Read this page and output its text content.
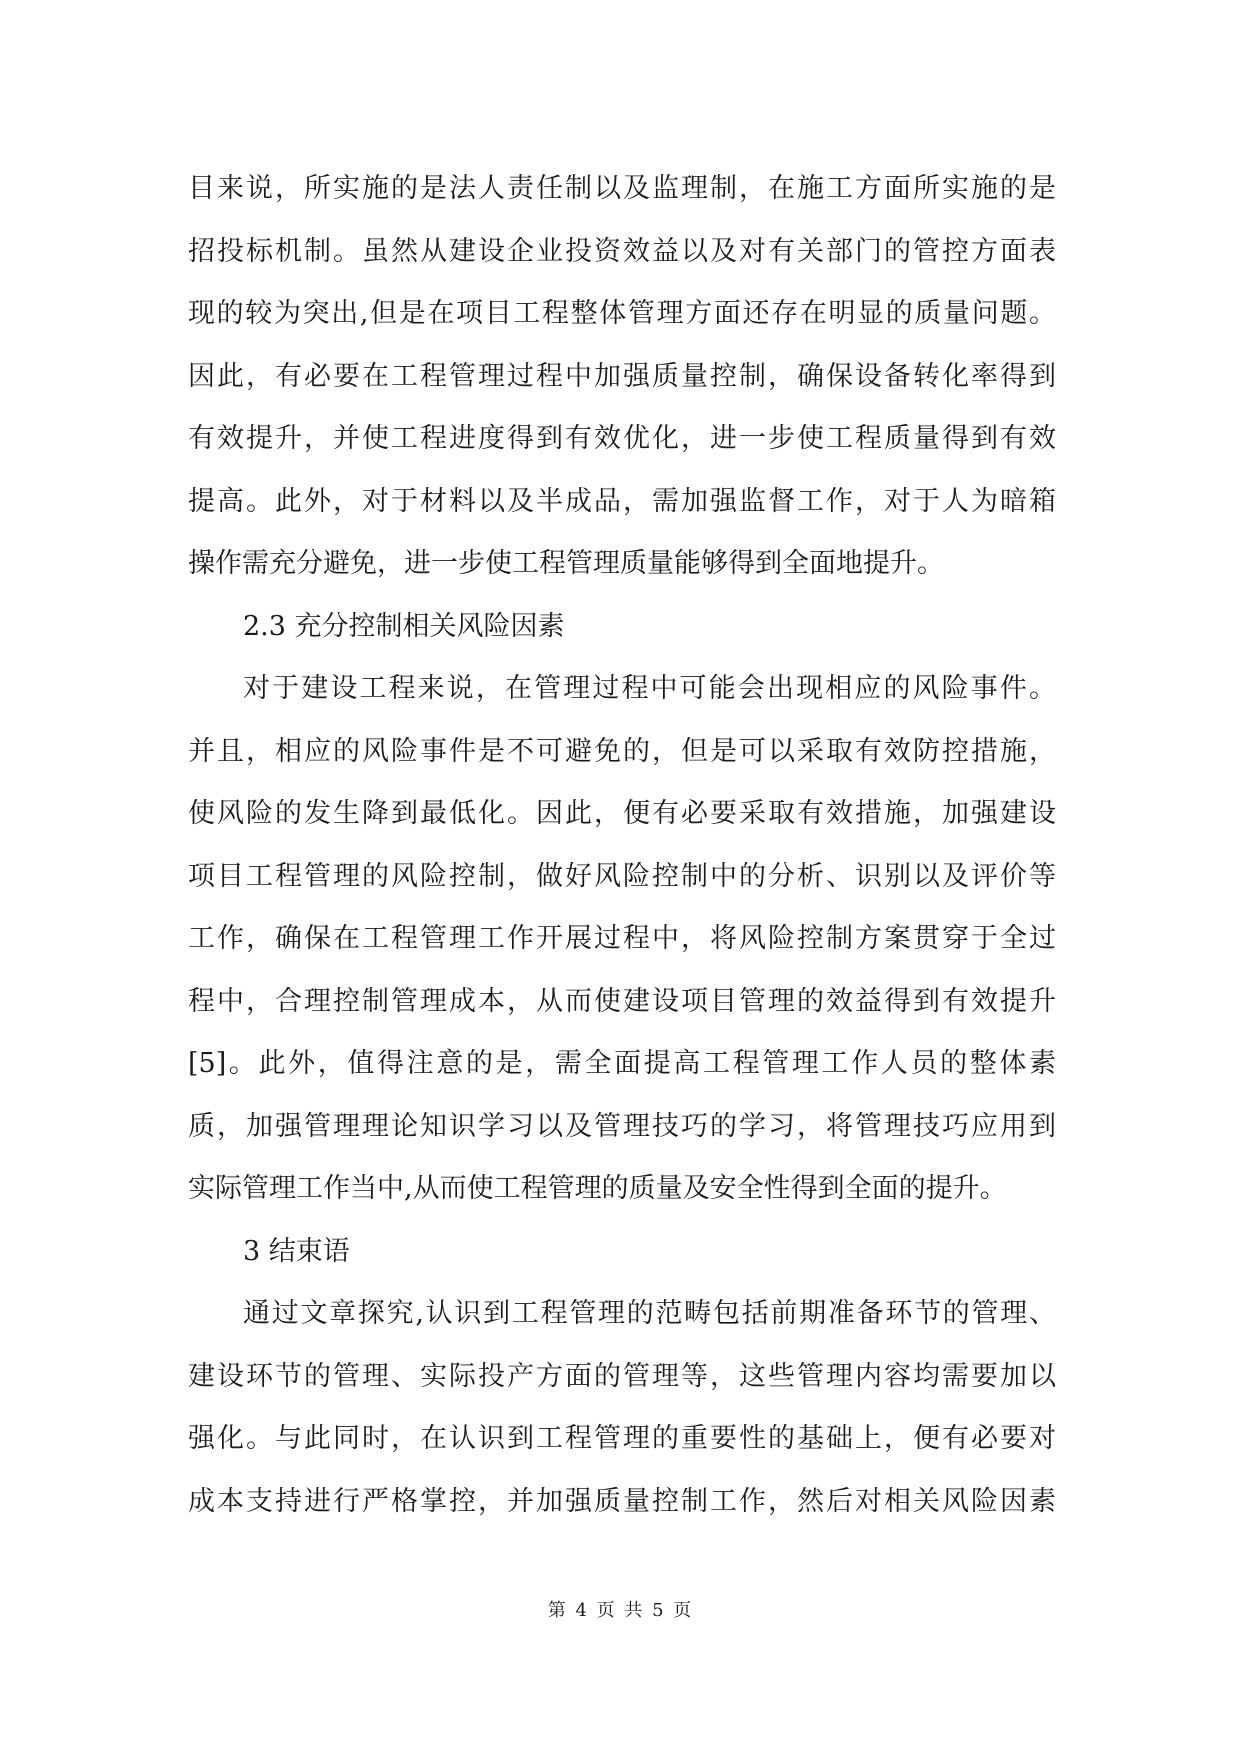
目来说，所实施的是法人责任制以及监理制，在施工方面所实施的是
招投标机制。虽然从建设企业投资效益以及对有关部门的管控方面表
现的较为突出,但是在项目工程整体管理方面还存在明显的质量问题。
因此，有必要在工程管理过程中加强质量控制，确保设备转化率得到
有效提升，并使工程进度得到有效优化，进一步使工程质量得到有效
提高。此外，对于材料以及半成品，需加强监督工作，对于人为暗箱
操作需充分避免，进一步使工程管理质量能够得到全面地提升。
2.3 充分控制相关风险因素
对于建设工程来说，在管理过程中可能会出现相应的风险事件。
并且，相应的风险事件是不可避免的，但是可以采取有效防控措施，
使风险的发生降到最低化。因此，便有必要采取有效措施，加强建设
项目工程管理的风险控制，做好风险控制中的分析、识别以及评价等
工作，确保在工程管理工作开展过程中，将风险控制方案贯穿于全过
程中，合理控制管理成本，从而使建设项目管理的效益得到有效提升
[5]。此外，值得注意的是，需全面提高工程管理工作人员的整体素
质，加强管理理论知识学习以及管理技巧的学习，将管理技巧应用到
实际管理工作当中,从而使工程管理的质量及安全性得到全面的提升。
3 结束语
通过文章探究,认识到工程管理的范畴包括前期准备环节的管理、
建设环节的管理、实际投产方面的管理等，这些管理内容均需要加以
强化。与此同时，在认识到工程管理的重要性的基础上，便有必要对
成本支持进行严格掌控，并加强质量控制工作，然后对相关风险因素
第 4 页 共 5 页
